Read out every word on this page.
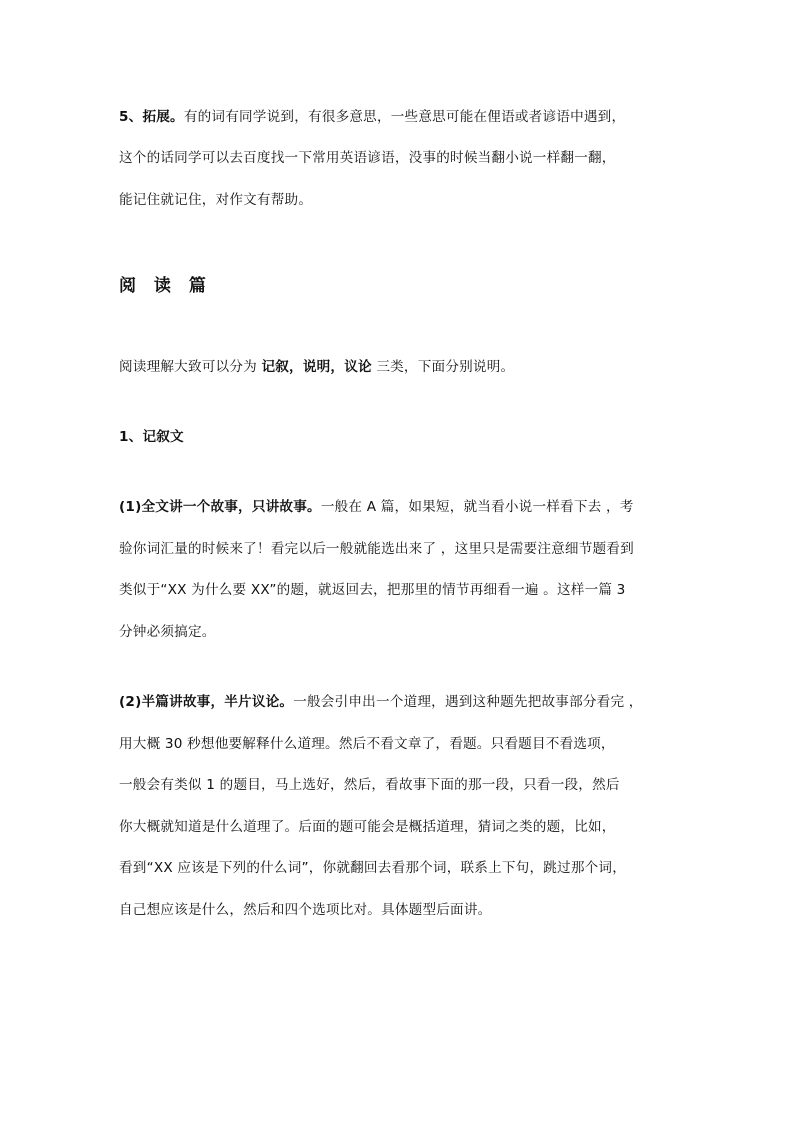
5、拓展。有的词有同学说到，有很多意思，一些意思可能在俚语或者谚语中遇到，
这个的话同学可以去百度找一下常用英语谚语，没事的时候当翻小说一样翻一翻，
能记住就记住，对作文有帮助。
阅 读 篇
阅读理解大致可以分为 记叙，说明，议论 三类，下面分别说明。
1、记叙文
(1)全文讲一个故事，只讲故事。一般在 A 篇，如果短，就当看小说一样看下去 ，考
验你词汇量的时候来了！看完以后一般就能选出来了 ，这里只是需要注意细节题看到
类似于“XX 为什么要 XX”的题，就返回去，把那里的情节再细看一遍 。这样一篇 3
分钟必须搞定。
(2)半篇讲故事，半片议论。一般会引申出一个道理，遇到这种题先把故事部分看完 ，
用大概 30 秒想他要解释什么道理。然后不看文章了，看题。只看题目不看选项，
一般会有类似 1 的题目，马上选好，然后，看故事下面的那一段，只看一段，然后
你大概就知道是什么道理了。后面的题可能会是概括道理，猜词之类的题，比如，
看到“XX 应该是下列的什么词”，你就翻回去看那个词，联系上下句，跳过那个词，
自己想应该是什么，然后和四个选项比对。具体题型后面讲。
